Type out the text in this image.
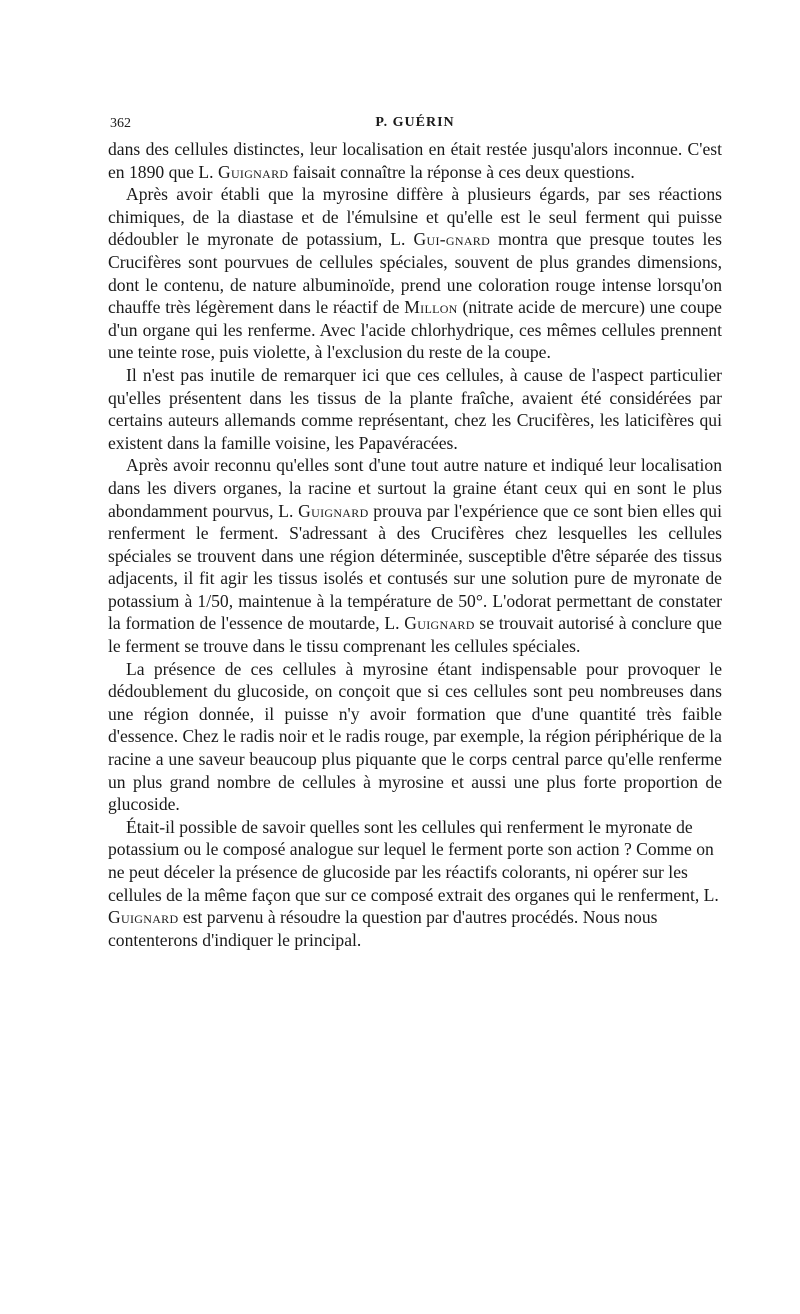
362	P. GUÉRIN

dans des cellules distinctes, leur localisation en était restée jusqu'alors inconnue. C'est en 1890 que L. Guignard faisait connaître la réponse à ces deux questions.

Après avoir établi que la myrosine diffère à plusieurs égards, par ses réactions chimiques, de la diastase et de l'émulsine et qu'elle est le seul ferment qui puisse dédoubler le myronate de potassium, L. Gui-gnard montra que presque toutes les Crucifères sont pourvues de cellules spéciales, souvent de plus grandes dimensions, dont le contenu, de nature albuminoïde, prend une coloration rouge intense lorsqu'on chauffe très légèrement dans le réactif de Millon (nitrate acide de mercure) une coupe d'un organe qui les renferme. Avec l'acide chlorhydrique, ces mêmes cellules prennent une teinte rose, puis violette, à l'exclusion du reste de la coupe.

Il n'est pas inutile de remarquer ici que ces cellules, à cause de l'aspect particulier qu'elles présentent dans les tissus de la plante fraîche, avaient été considérées par certains auteurs allemands comme représentant, chez les Crucifères, les laticifères qui existent dans la famille voisine, les Papavéracées.

Après avoir reconnu qu'elles sont d'une tout autre nature et indiqué leur localisation dans les divers organes, la racine et surtout la graine étant ceux qui en sont le plus abondamment pourvus, L. Guignard prouva par l'expérience que ce sont bien elles qui renferment le ferment. S'adressant à des Crucifères chez lesquelles les cellules spéciales se trouvent dans une région déterminée, susceptible d'être séparée des tissus adjacents, il fit agir les tissus isolés et contusés sur une solution pure de myronate de potassium à 1/50, maintenue à la température de 50°. L'odorat permettant de constater la formation de l'essence de moutarde, L. Guignard se trouvait autorisé à conclure que le ferment se trouve dans le tissu comprenant les cellules spéciales.

La présence de ces cellules à myrosine étant indispensable pour provoquer le dédoublement du glucoside, on conçoit que si ces cellules sont peu nombreuses dans une région donnée, il puisse n'y avoir formation que d'une quantité très faible d'essence. Chez le radis noir et le radis rouge, par exemple, la région périphérique de la racine a une saveur beaucoup plus piquante que le corps central parce qu'elle renferme un plus grand nombre de cellules à myrosine et aussi une plus forte proportion de glucoside.

Était-il possible de savoir quelles sont les cellules qui renferment le myronate de potassium ou le composé analogue sur lequel le ferment porte son action ? Comme on ne peut déceler la présence de glucoside par les réactifs colorants, ni opérer sur les cellules de la même façon que sur ce composé extrait des organes qui le renferment, L. Guignard est parvenu à résoudre la question par d'autres procédés. Nous nous contenterons d'indiquer le principal.
